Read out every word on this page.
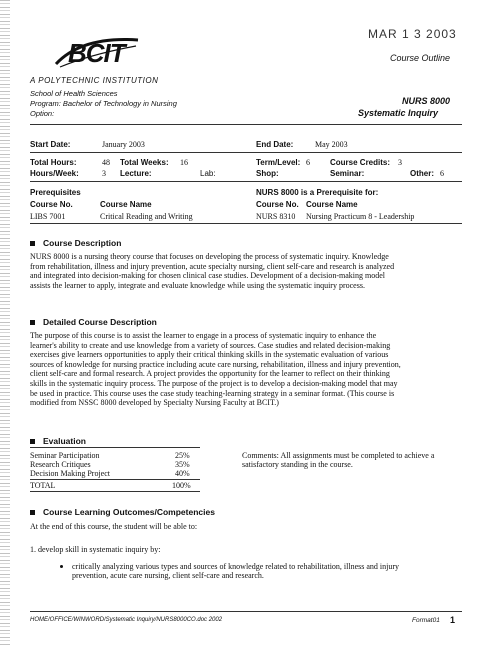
BCIT
A POLYTECHNIC INSTITUTION
School of Health Sciences
Program: Bachelor of Technology in Nursing
Option:
MAR 1 3 2003
Course Outline
NURS 8000
Systematic Inquiry
Start Date:	January 2003	End Date:	May 2003
Total Hours:	48 Total Weeks: 16	Term/Level: 6	Course Credits: 3
Hours/Week:	3 Lecture:	Lab:	Shop:	Seminar:	Other: 6
Prerequisites
Course No.	Course Name
LIBS 7001	Critical Reading and Writing
NURS 8000 is a Prerequisite for:
Course No. Course Name
NURS 8310 Nursing Practicum 8 - Leadership
Course Description
NURS 8000 is a nursing theory course that focuses on developing the process of systematic inquiry. Knowledge
from rehabilitation, illness and injury prevention, acute specialty nursing, client self-care and research is analyzed
and integrated into decision-making for chosen clinical case studies. Development of a decision-making model
assists the learner to apply, integrate and evaluate knowledge while using the systematic inquiry process.
Detailed Course Description
The purpose of this course is to assist the learner to engage in a process of systematic inquiry to enhance the
learner's ability to create and use knowledge from a variety of sources. Case studies and related decision-making
exercises give learners opportunities to apply their critical thinking skills in the systematic evaluation of various
sources of knowledge for nursing practice including acute care nursing, rehabilitation, illness and injury prevention,
client self-care and formal research. A project provides the opportunity for the learner to reflect on their thinking
skills in the systematic inquiry process. The purpose of the project is to develop a decision-making model that may
be used in practice. This course uses the case study teaching-learning strategy in a seminar format. (This course is
modified from NSSC 8000 developed by Specialty Nursing Faculty at BCIT.)
Evaluation
Seminar Participation	25%
Research Critiques	35%
Decision Making Project	40%
TOTAL	100%
Comments: All assignments must be completed to achieve a
satisfactory standing in the course.
Course Learning Outcomes/Competencies
At the end of this course, the student will be able to:
1. develop skill in systematic inquiry by:
critically analyzing various types and sources of knowledge related to rehabilitation, illness and injury
prevention, acute care nursing, client self-care and research.
HOME/OFFICE/WINWORD/Systematic Inquiry/NURS8000CO.doc 2002	Format01 1
